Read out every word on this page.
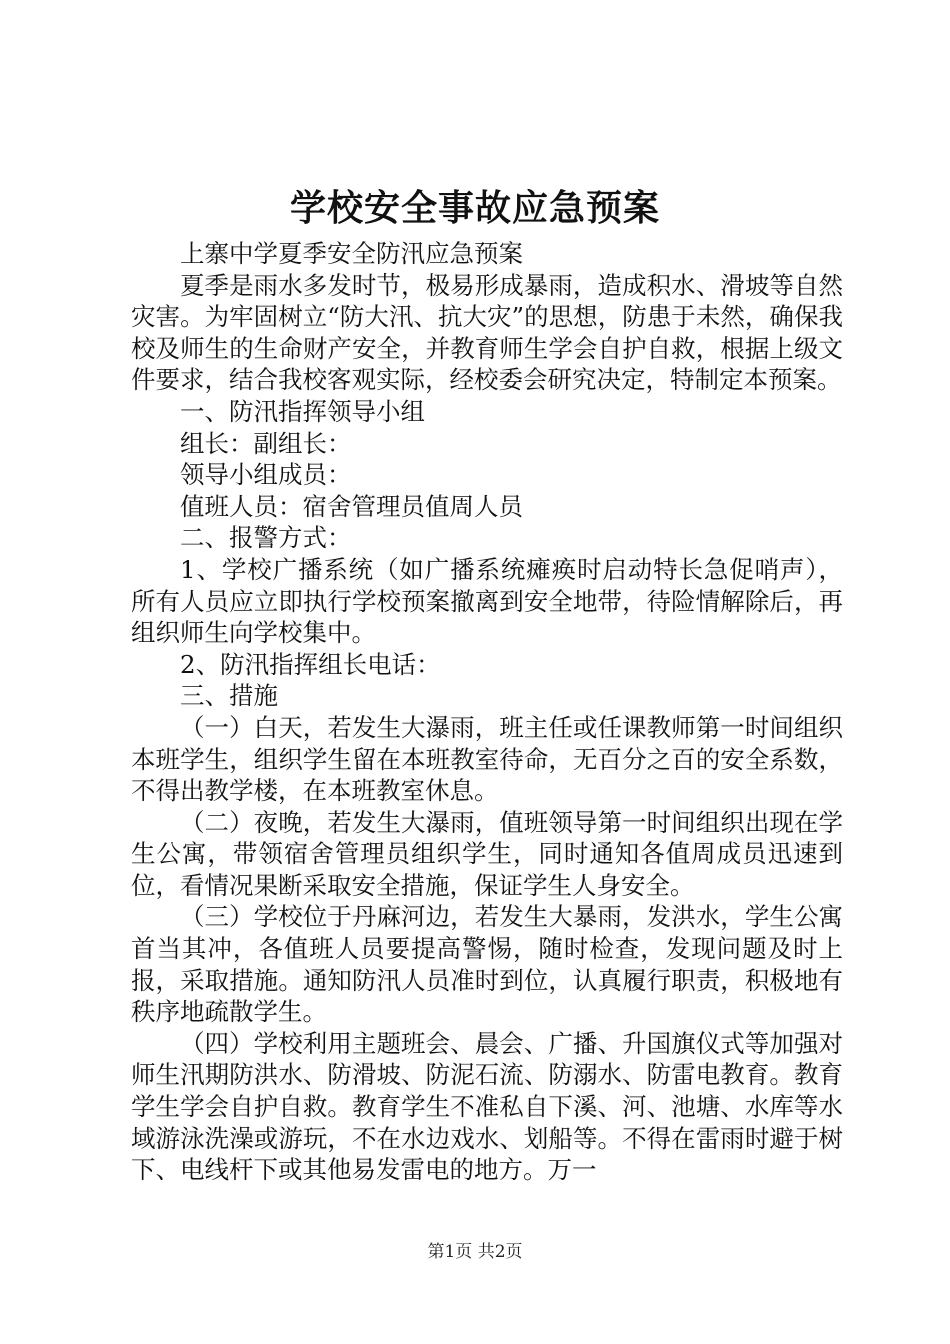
学校安全事故应急预案

上寨中学夏季安全防汛应急预案

夏季是雨水多发时节，极易形成暴雨，造成积水、滑坡等自然灾害。为牢固树立“防大汛、抗大灾”的思想，防患于未然，确保我校及师生的生命财产安全，并教育师生学会自护自救，根据上级文件要求，结合我校客观实际，经校委会研究决定，特制定本预案。

一、防汛指挥领导小组

组长：副组长：

领导小组成员：

值班人员：宿舍管理员值周人员

二、报警方式：

1、学校广播系统（如广播系统瘫痪时启动特长急促哨声），所有人员应立即执行学校预案撤离到安全地带，待险情解除后，再组织师生向学校集中。

2、防汛指挥组长电话：

三、措施

（一）白天，若发生大瀑雨，班主任或任课教师第一时间组织本班学生，组织学生留在本班教室待命，无百分之百的安全系数，不得出教学楼，在本班教室休息。

（二）夜晚，若发生大瀑雨，值班领导第一时间组织出现在学生公寓，带领宿舍管理员组织学生，同时通知各值周成员迅速到位，看情况果断采取安全措施，保证学生人身安全。

（三）学校位于丹麻河边，若发生大暴雨，发洪水，学生公寓首当其冲，各值班人员要提高警惕，随时检查，发现问题及时上报，采取措施。通知防汛人员准时到位，认真履行职责，积极地有秩序地疏散学生。

（四）学校利用主题班会、晨会、广播、升国旗仪式等加强对师生汛期防洪水、防滑坡、防泥石流、防溺水、防雷电教育。教育学生学会自护自救。教育学生不准私自下溪、河、池塘、水库等水域游泳洗澡或游玩，不在水边戏水、划船等。不得在雷雨时避于树下、电线杆下或其他易发雷电的地方。万一

第1页 共2页
